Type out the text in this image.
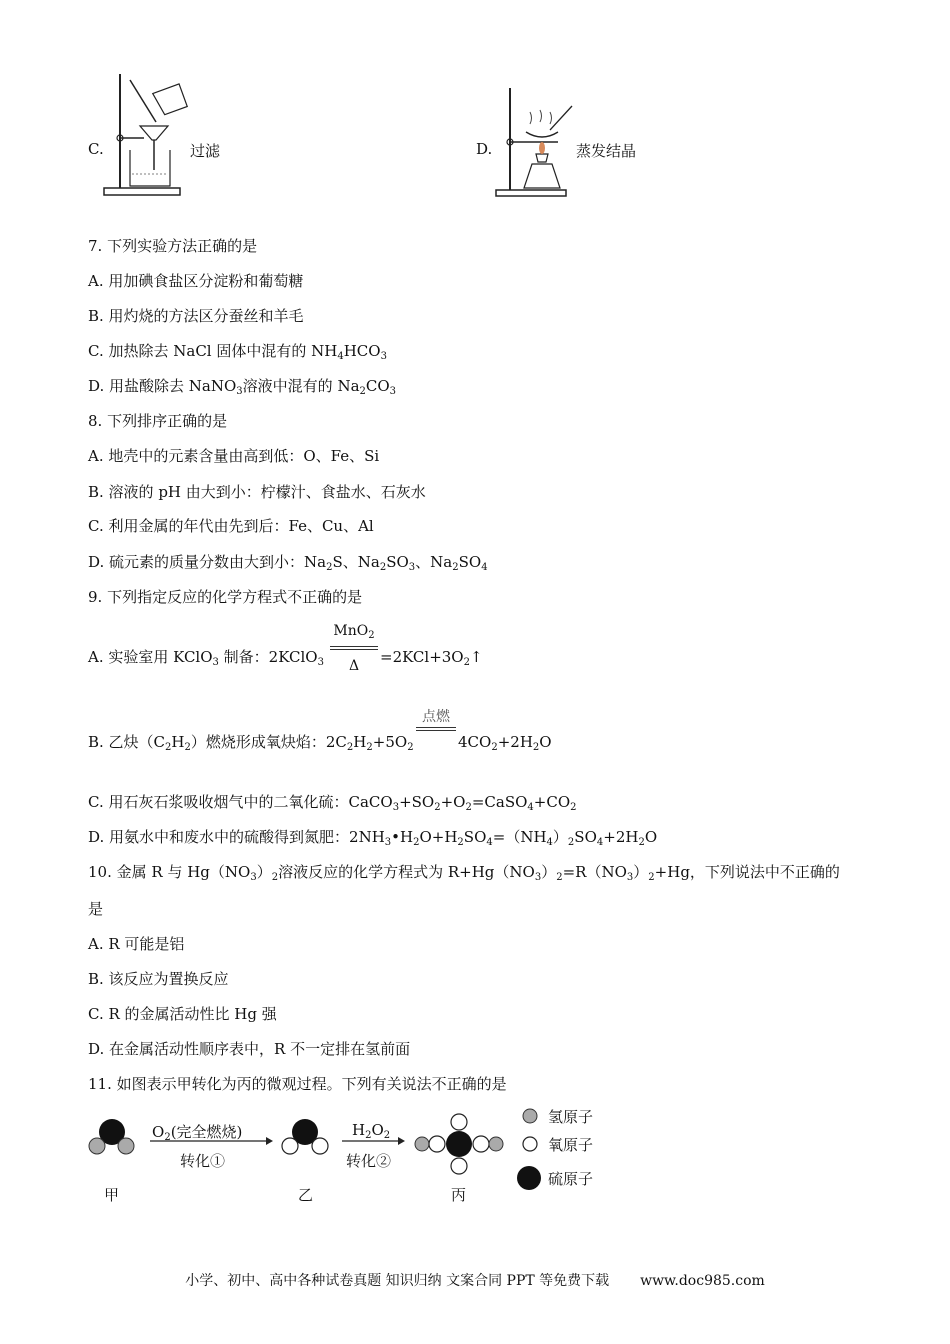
C.	过滤	D.	蒸发结晶
7. 下列实验方法正确的是
A. 用加碘食盐区分淀粉和葡萄糖
B. 用灼烧的方法区分蚕丝和羊毛
C. 加热除去 NaCl 固体中混有的 $NH_4HCO_3$
D. 用盐酸除去 NaNO$_3$溶液中混有的 $Na_2CO_3$
8. 下列排序正确的是
A. 地壳中的元素含量由高到低：O、Fe、Si
B. 溶液的 pH 由大到小：柠檬汁、食盐水、石灰水
C. 利用金属的年代由先到后：Fe、Cu、Al
D. 硫元素的质量分数由大到小：$Na_2S$、$Na_2SO_3$、$Na_2SO_4$
9. 下列指定反应的化学方程式不正确的是
A. 实验室用 KClO$_3$ 制备：2KClO$_3$
MnO$_2$
Δ	$=2KCl+3O_2↑$
B. 乙炔$(C_2H_2)$燃烧形成氧炔焰：$2C_2H_2+5O_2$
点燃
$4CO_2+2H_2O$
C. 用石灰石浆吸收烟气中的二氧化硫：$CaCO_3+SO_2+O_2=CaSO_4+CO_2$
D. 用氨水中和废水中的硫酸得到氮肥：$2NH_3•H_2O+H_2SO_4=(NH_4)_2SO_4+2H_2O$
10. 金属 R 与 $Hg(NO_3)_2$溶液反应的化学方程式为 $R+Hg(NO_3)_2=R(NO_3)_2+Hg$，下列说法中不正确的
是
A. R 可能是铝
B. 该反应为置换反应
C. R 的金属活动性比 Hg 强
D. 在金属活动性顺序表中，R 不一定排在氢前面
11. 如图表示甲转化为丙的微观过程。下列有关说法不正确的是
$O_2$(完全燃烧)
转化①
$H_2O_2$
转化②
甲	乙	丙
氢原子
氧原子
硫原子
小学、初中、高中各种试卷真题 知识归纳 文案合同 PPT 等免费下载 www.doc985.com
